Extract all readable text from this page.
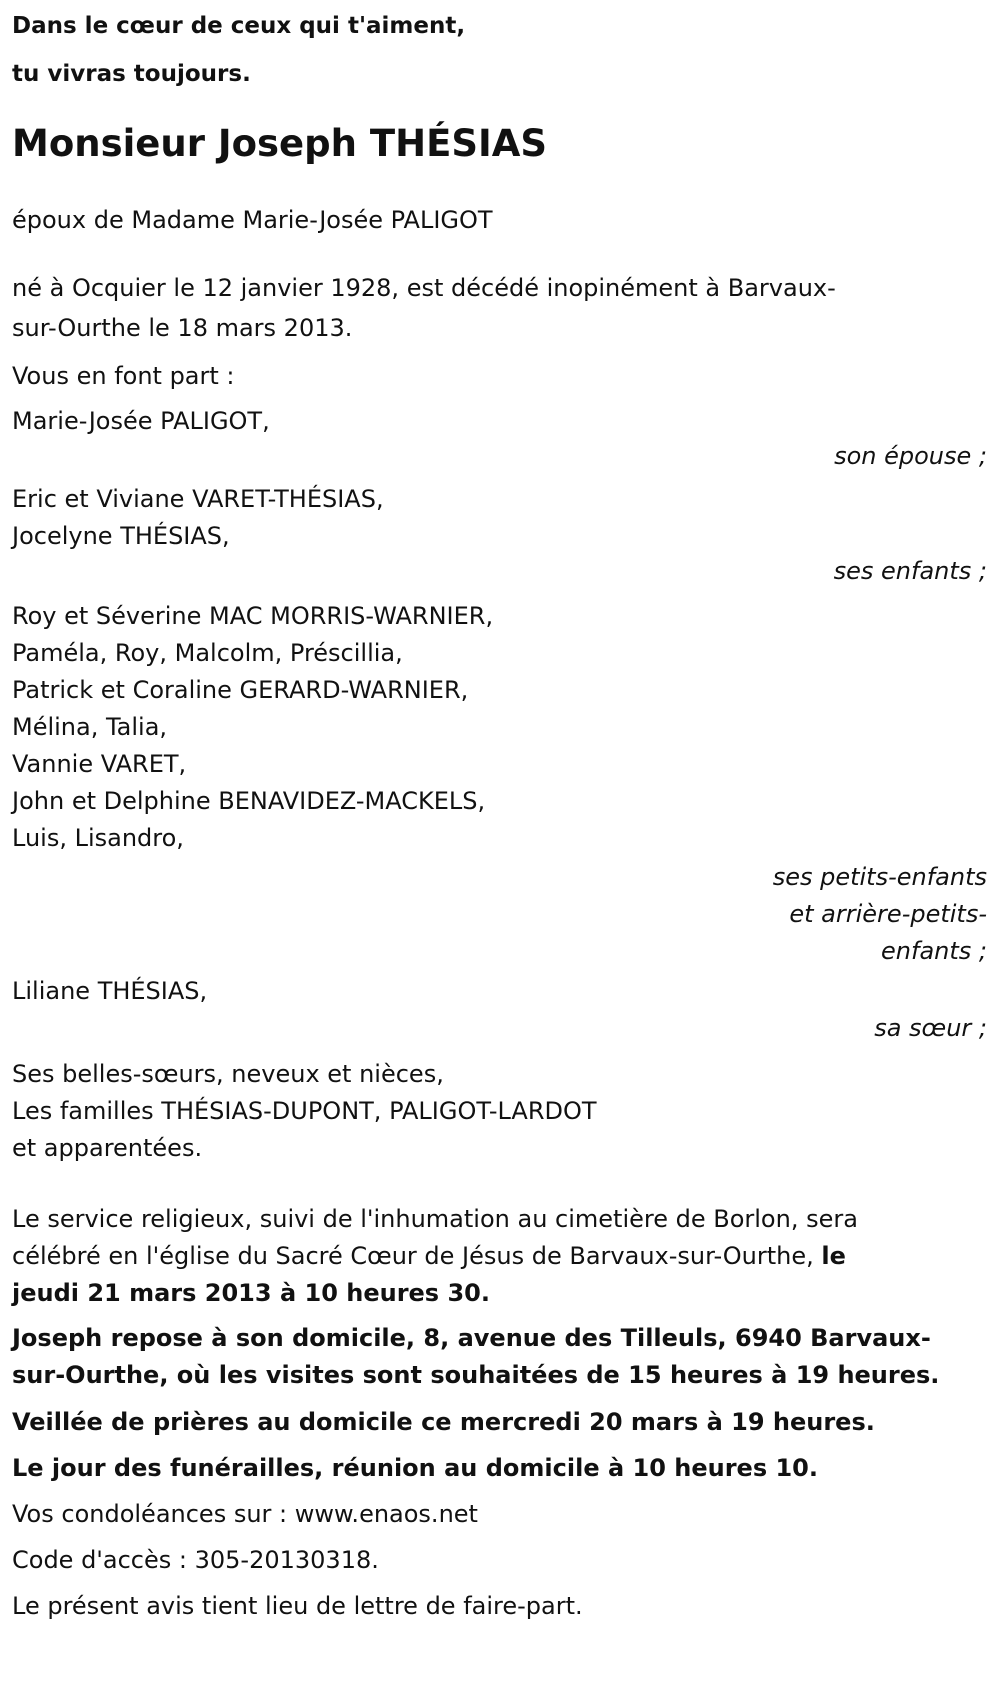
Dans le cœur de ceux qui t'aiment,
tu vivras toujours.
Monsieur Joseph THÉSIAS
époux de Madame Marie-Josée PALIGOT
né à Ocquier le 12 janvier 1928, est décédé inopinément à Barvaux-
sur-Ourthe le 18 mars 2013.
Vous en font part :
Marie-Josée PALIGOT,
son épouse ;
Eric et Viviane VARET-THÉSIAS,
Jocelyne THÉSIAS,
ses enfants ;
Roy et Séverine MAC MORRIS-WARNIER,
Paméla, Roy, Malcolm, Préscillia,
Patrick et Coraline GERARD-WARNIER,
Mélina, Talia,
Vannie VARET,
John et Delphine BENAVIDEZ-MACKELS,
Luis, Lisandro,
ses petits-enfants
et arrière-petits-
enfants ;
Liliane THÉSIAS,
sa sœur ;
Ses belles-sœurs, neveux et nièces,
Les familles THÉSIAS-DUPONT, PALIGOT-LARDOT
et apparentées.
Le service religieux, suivi de l'inhumation au cimetière de Borlon, sera
célébré en l'église du Sacré Cœur de Jésus de Barvaux-sur-Ourthe, le
jeudi 21 mars 2013 à 10 heures 30.
Joseph repose à son domicile, 8, avenue des Tilleuls, 6940 Barvaux-
sur-Ourthe, où les visites sont souhaitées de 15 heures à 19 heures.
Veillée de prières au domicile ce mercredi 20 mars à 19 heures.
Le jour des funérailles, réunion au domicile à 10 heures 10.
Vos condoléances sur : www.enaos.net
Code d'accès : 305-20130318.
Le présent avis tient lieu de lettre de faire-part.
